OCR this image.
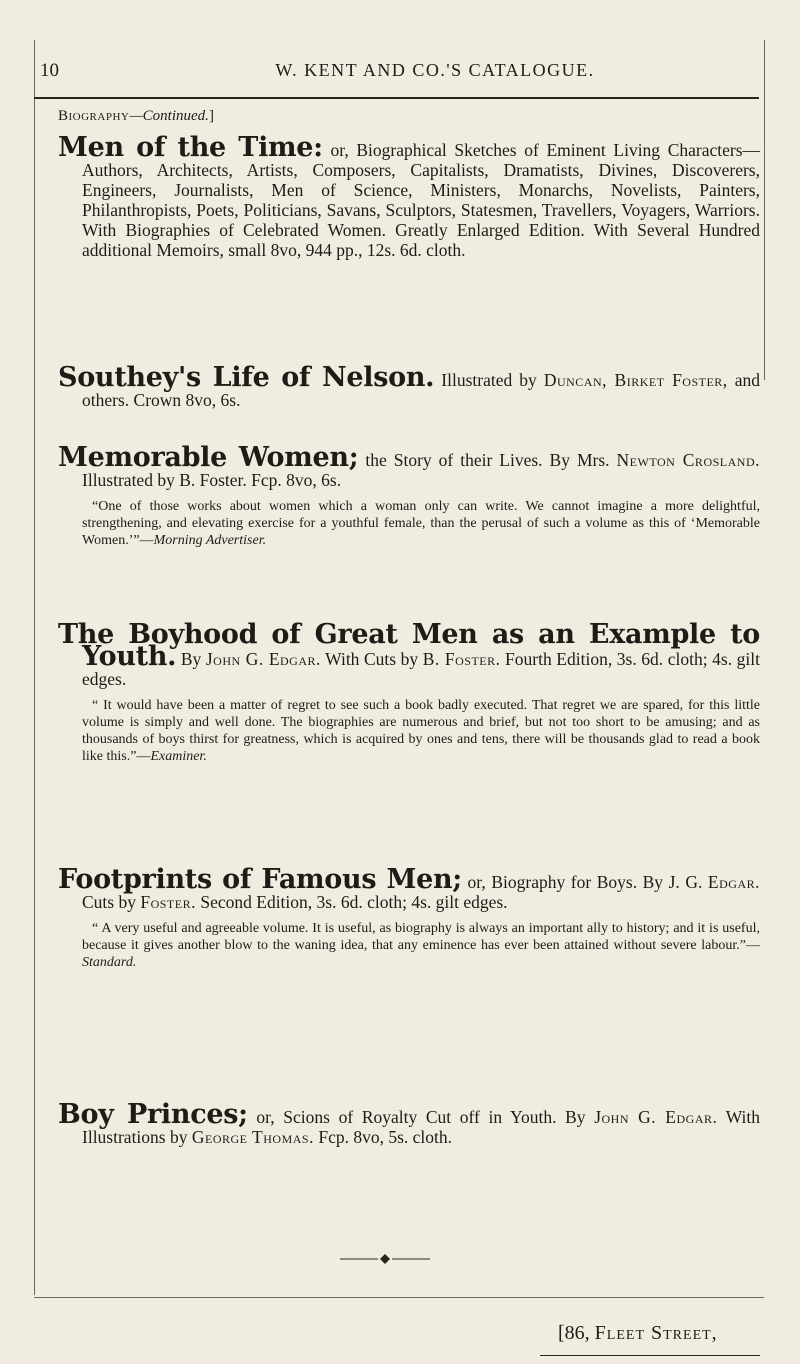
10	W. KENT AND CO.'S CATALOGUE.
Biography—Continued.]

Men of the Time: or, Biographical Sketches of Eminent Living Characters—Authors, Architects, Artists, Composers, Capitalists, Dramatists, Divines, Discoverers, Engineers, Journalists, Men of Science, Ministers, Monarchs, Novelists, Painters, Philanthropists, Poets, Politicians, Savans, Sculptors, Statesmen, Travellers, Voyagers, Warriors. With Biographies of Celebrated Women. Greatly Enlarged Edition. With Several Hundred additional Memoirs, small 8vo, 944 pp., 12s. 6d. cloth.

Southey's Life of Nelson. Illustrated by Duncan, Birket Foster, and others. Crown 8vo, 6s.

Memorable Women; the Story of their Lives. By Mrs. Newton Crosland. Illustrated by B. Foster. Fcp. 8vo, 6s.

“One of those works about women which a woman only can write. We cannot imagine a more delightful, strengthening, and elevating exercise for a youthful female, than the perusal of such a volume as this of ‘Memorable Women.’”—Morning Advertiser.

The Boyhood of Great Men as an Example to Youth. By John G. Edgar. With Cuts by B. Foster. Fourth Edition, 3s. 6d. cloth; 4s. gilt edges.

“ It would have been a matter of regret to see such a book badly executed. That regret we are spared, for this little volume is simply and well done. The biographies are numerous and brief, but not too short to be amusing; and as thousands of boys thirst for greatness, which is acquired by ones and tens, there will be thousands glad to read a book like this.”—Examiner.

Footprints of Famous Men; or, Biography for Boys. By J. G. Edgar. Cuts by Foster. Second Edition, 3s. 6d. cloth; 4s. gilt edges.

“ A very useful and agreeable volume. It is useful, as biography is always an important ally to history; and it is useful, because it gives another blow to the waning idea, that any eminence has ever been attained without severe labour.”—Standard.

Boy Princes; or, Scions of Royalty Cut off in Youth. By John G. Edgar. With Illustrations by George Thomas. Fcp. 8vo, 5s. cloth.

[86, Fleet Street,
